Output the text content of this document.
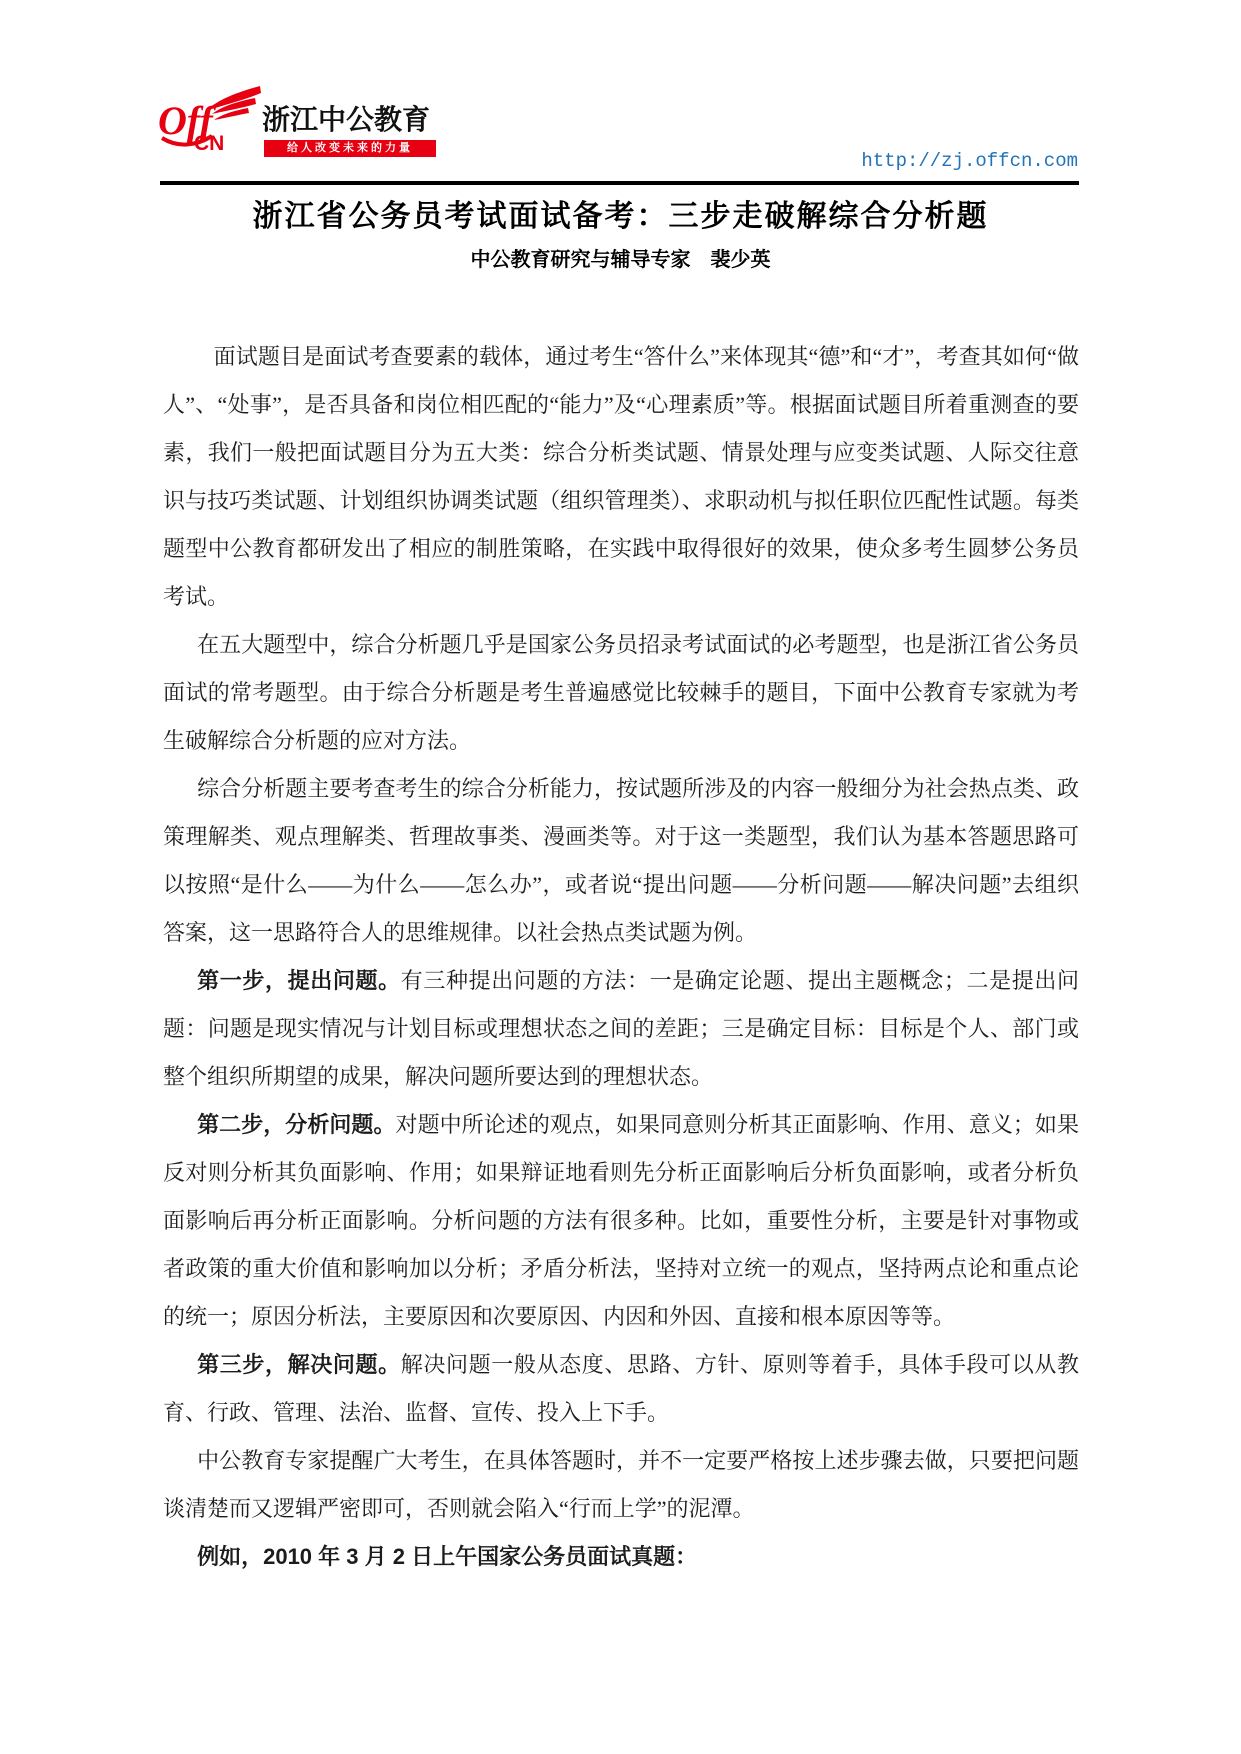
Off
CN
浙江中公教育
给人改变未来的力量
http://zj.offcn.com
浙江省公务员考试面试备考：三步走破解综合分析题
中公教育研究与辅导专家　裴少英

面试题目是面试考查要素的载体，通过考生“答什么”来体现其“德”和“才”，考查其如何“做人”、“处事”，是否具备和岗位相匹配的“能力”及“心理素质”等。根据面试题目所着重测查的要素，我们一般把面试题目分为五大类：综合分析类试题、情景处理与应变类试题、人际交往意识与技巧类试题、计划组织协调类试题（组织管理类）、求职动机与拟任职位匹配性试题。每类题型中公教育都研发出了相应的制胜策略，在实践中取得很好的效果，使众多考生圆梦公务员考试。

在五大题型中，综合分析题几乎是国家公务员招录考试面试的必考题型，也是浙江省公务员面试的常考题型。由于综合分析题是考生普遍感觉比较棘手的题目，下面中公教育专家就为考生破解综合分析题的应对方法。

综合分析题主要考查考生的综合分析能力，按试题所涉及的内容一般细分为社会热点类、政策理解类、观点理解类、哲理故事类、漫画类等。对于这一类题型，我们认为基本答题思路可以按照“是什么——为什么——怎么办”，或者说“提出问题——分析问题——解决问题”去组织答案，这一思路符合人的思维规律。以社会热点类试题为例。

第一步，提出问题。有三种提出问题的方法：一是确定论题、提出主题概念；二是提出问题：问题是现实情况与计划目标或理想状态之间的差距；三是确定目标：目标是个人、部门或整个组织所期望的成果，解决问题所要达到的理想状态。

第二步，分析问题。对题中所论述的观点，如果同意则分析其正面影响、作用、意义；如果反对则分析其负面影响、作用；如果辩证地看则先分析正面影响后分析负面影响，或者分析负面影响后再分析正面影响。分析问题的方法有很多种。比如，重要性分析，主要是针对事物或者政策的重大价值和影响加以分析；矛盾分析法，坚持对立统一的观点，坚持两点论和重点论的统一；原因分析法，主要原因和次要原因、内因和外因、直接和根本原因等等。

第三步，解决问题。解决问题一般从态度、思路、方针、原则等着手，具体手段可以从教育、行政、管理、法治、监督、宣传、投入上下手。

中公教育专家提醒广大考生，在具体答题时，并不一定要严格按上述步骤去做，只要把问题谈清楚而又逻辑严密即可，否则就会陷入“行而上学”的泥潭。

例如，2010 年 3 月 2 日上午国家公务员面试真题：
